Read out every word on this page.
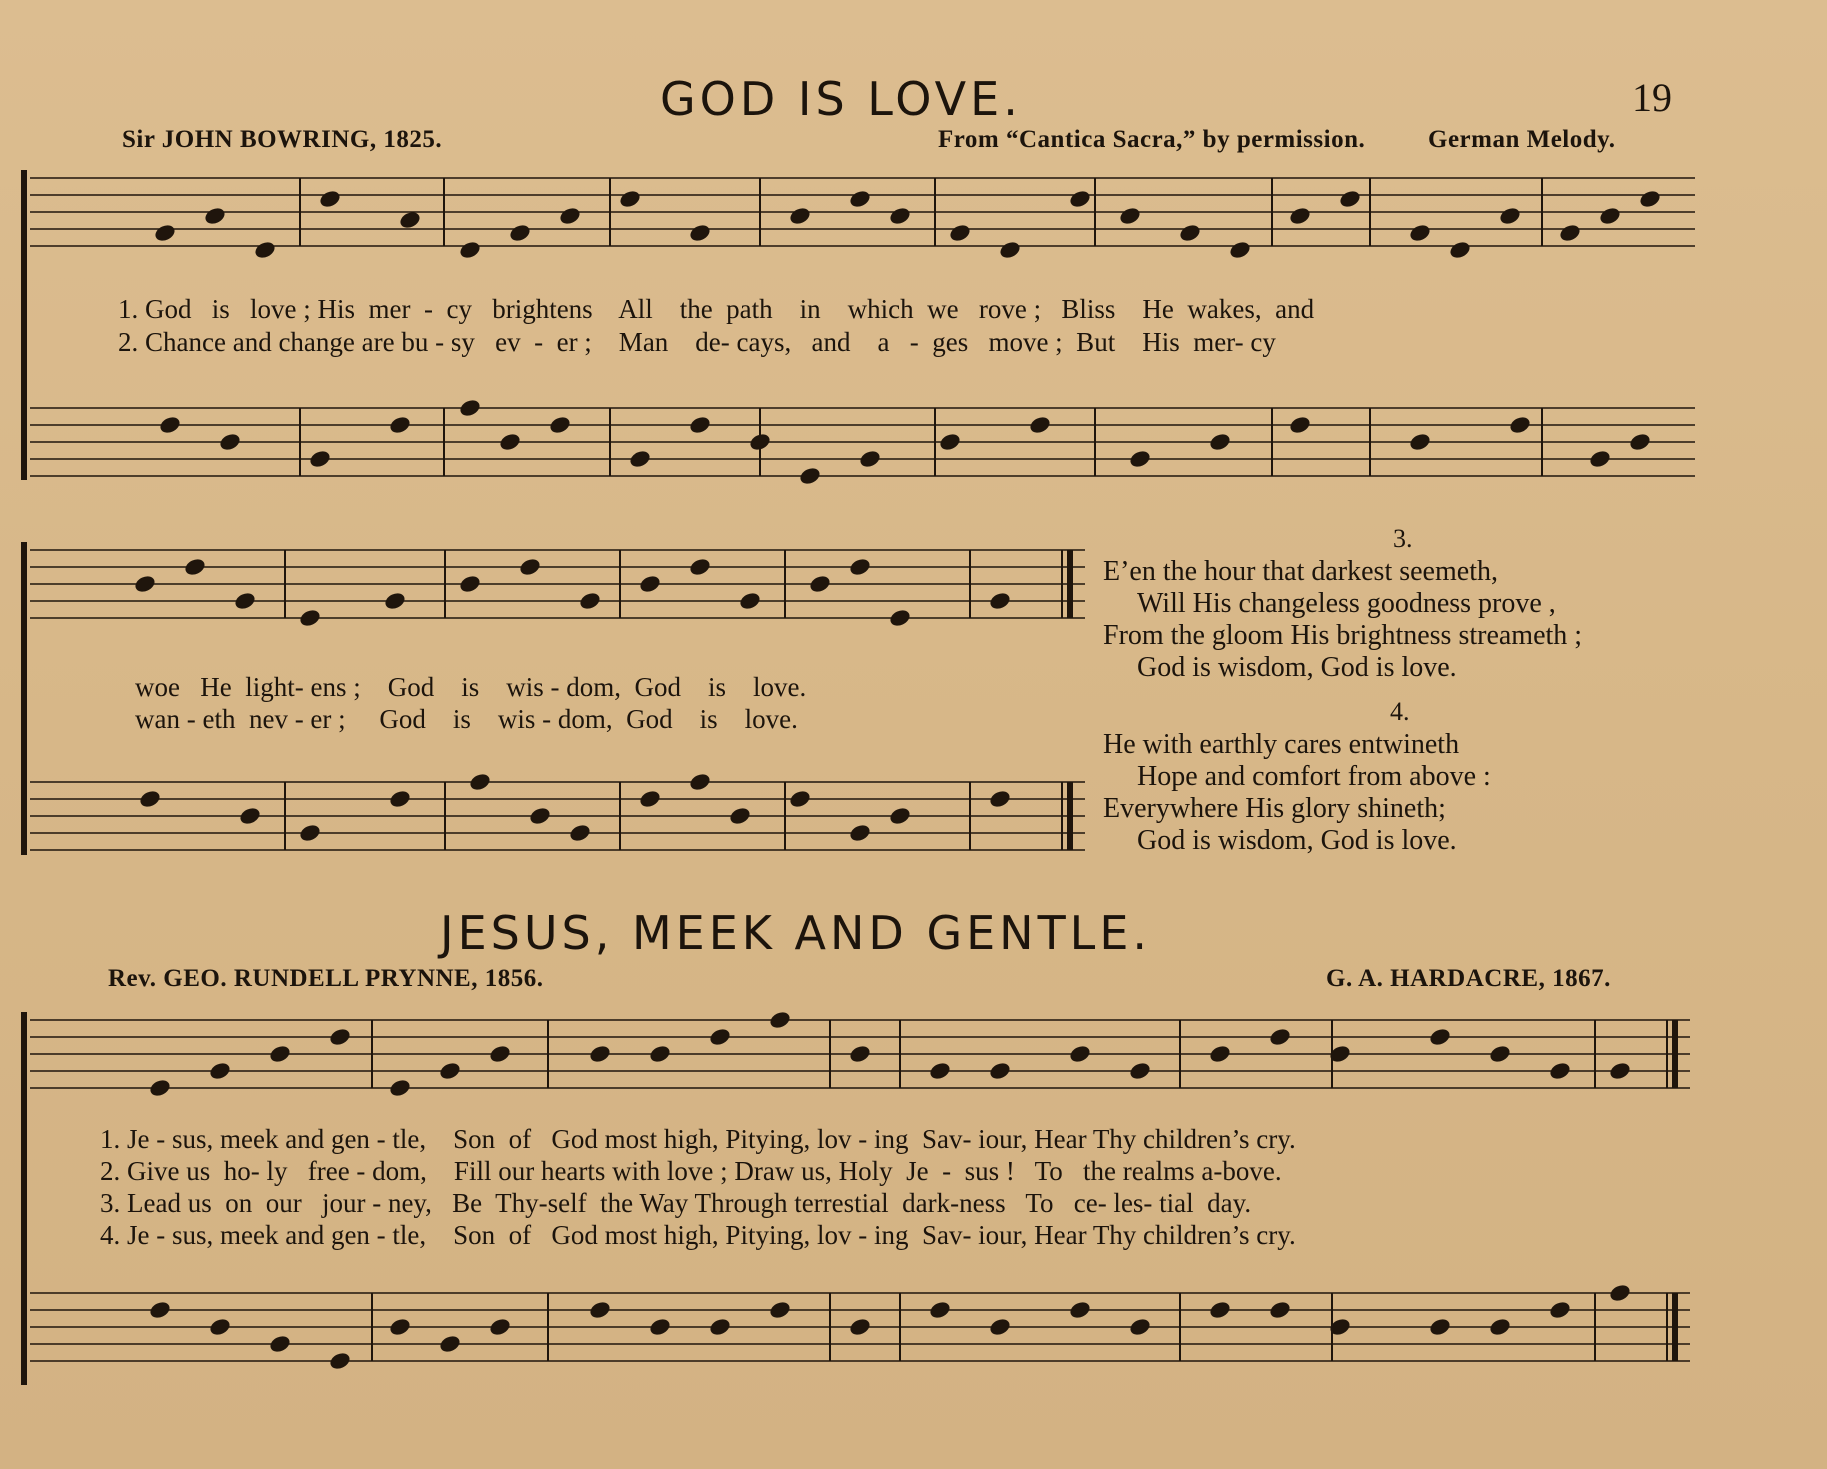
GOD IS LOVE.	19
Sir JOHN BOWRING, 1825.	From “Cantica Sacra,” by permission.	German Melody.
1. God   is   love ; His  mer  -  cy   brightens    All    the  path    in    which  we   rove ;   Bliss    He  wakes,  and
2. Chance and change are bu - sy   ev  -  er ;    Man    de- cays,   and    a   -  ges   move ;  But    His  mer- cy
woe   He  light- ens ;    God    is    wis - dom,  God    is    love.
wan - eth  nev - er ;     God    is    wis - dom,  God    is    love.
3.
E’en the hour that darkest seemeth,
Will His changeless goodness prove ,
From the gloom His brightness streameth ;
God is wisdom, God is love.
4.
He with earthly cares entwineth
Hope and comfort from above :
Everywhere His glory shineth;
God is wisdom, God is love.
JESUS, MEEK AND GENTLE.
Rev. GEO. RUNDELL PRYNNE, 1856.	G. A. HARDACRE, 1867.
1. Je - sus, meek and gen - tle,    Son  of   God most high, Pitying, lov - ing  Sav- iour, Hear Thy children’s cry.
2. Give us  ho- ly   free - dom,    Fill our hearts with love ; Draw us, Holy  Je  -  sus !   To   the realms a-bove.
3. Lead us  on  our   jour - ney,   Be  Thy-self  the Way Through terrestial  dark-ness   To   ce- les- tial  day.
4. Je - sus, meek and gen - tle,    Son  of   God most high, Pitying, lov - ing  Sav- iour, Hear Thy children’s cry.
